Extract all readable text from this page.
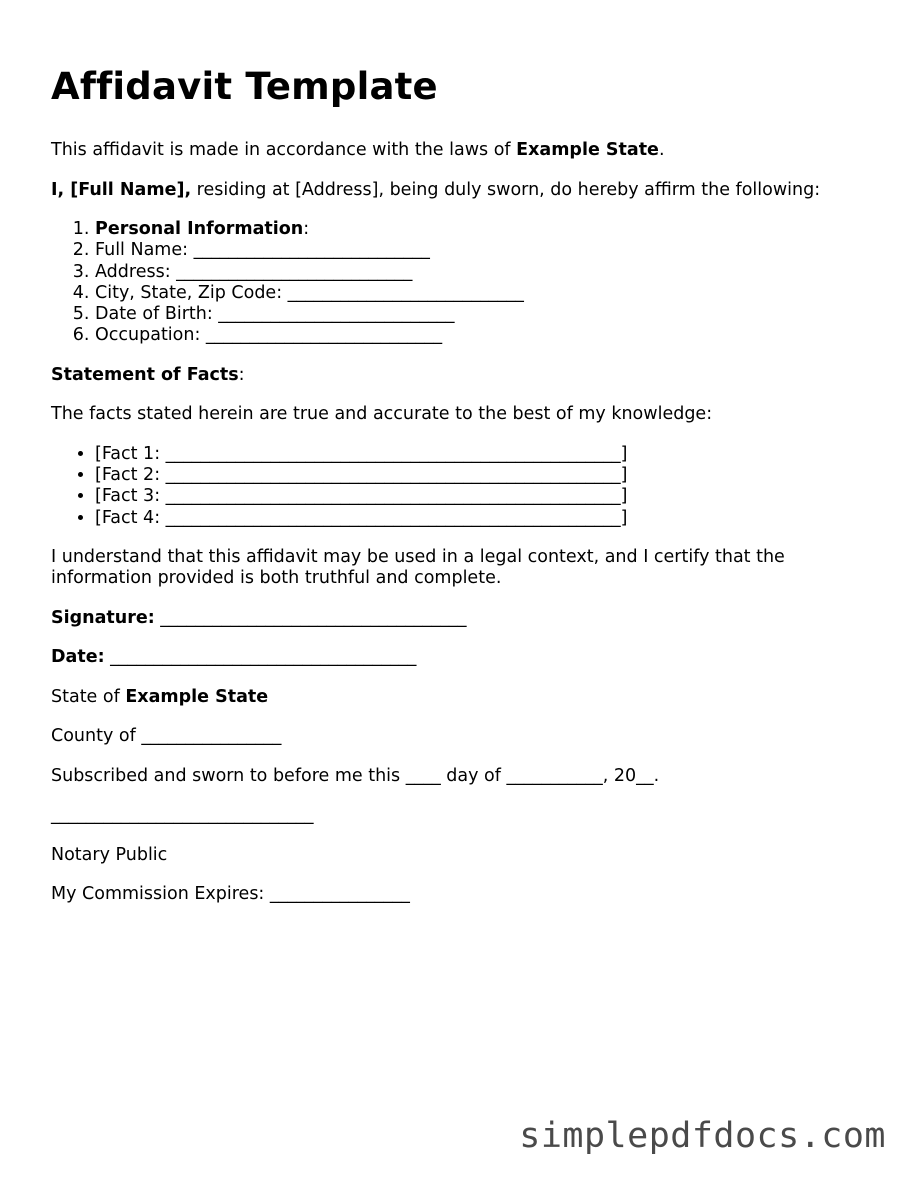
Affidavit Template

This affidavit is made in accordance with the laws of Example State.

I, [Full Name], residing at [Address], being duly sworn, do hereby affirm the following:

1. Personal Information:
2. Full Name: ___________________________
3. Address: ___________________________
4. City, State, Zip Code: ___________________________
5. Date of Birth: ___________________________
6. Occupation: ___________________________

Statement of Facts:

The facts stated herein are true and accurate to the best of my knowledge:

• [Fact 1: ____________________________________________________]
• [Fact 2: ____________________________________________________]
• [Fact 3: ____________________________________________________]
• [Fact 4: ____________________________________________________]

I understand that this affidavit may be used in a legal context, and I certify that the information provided is both truthful and complete.

Signature: ___________________________________

Date: ___________________________________

State of Example State

County of ________________

Subscribed and sworn to before me this ____ day of ___________, 20__.

______________________________

Notary Public

My Commission Expires: ________________

simplepdfdocs.com
